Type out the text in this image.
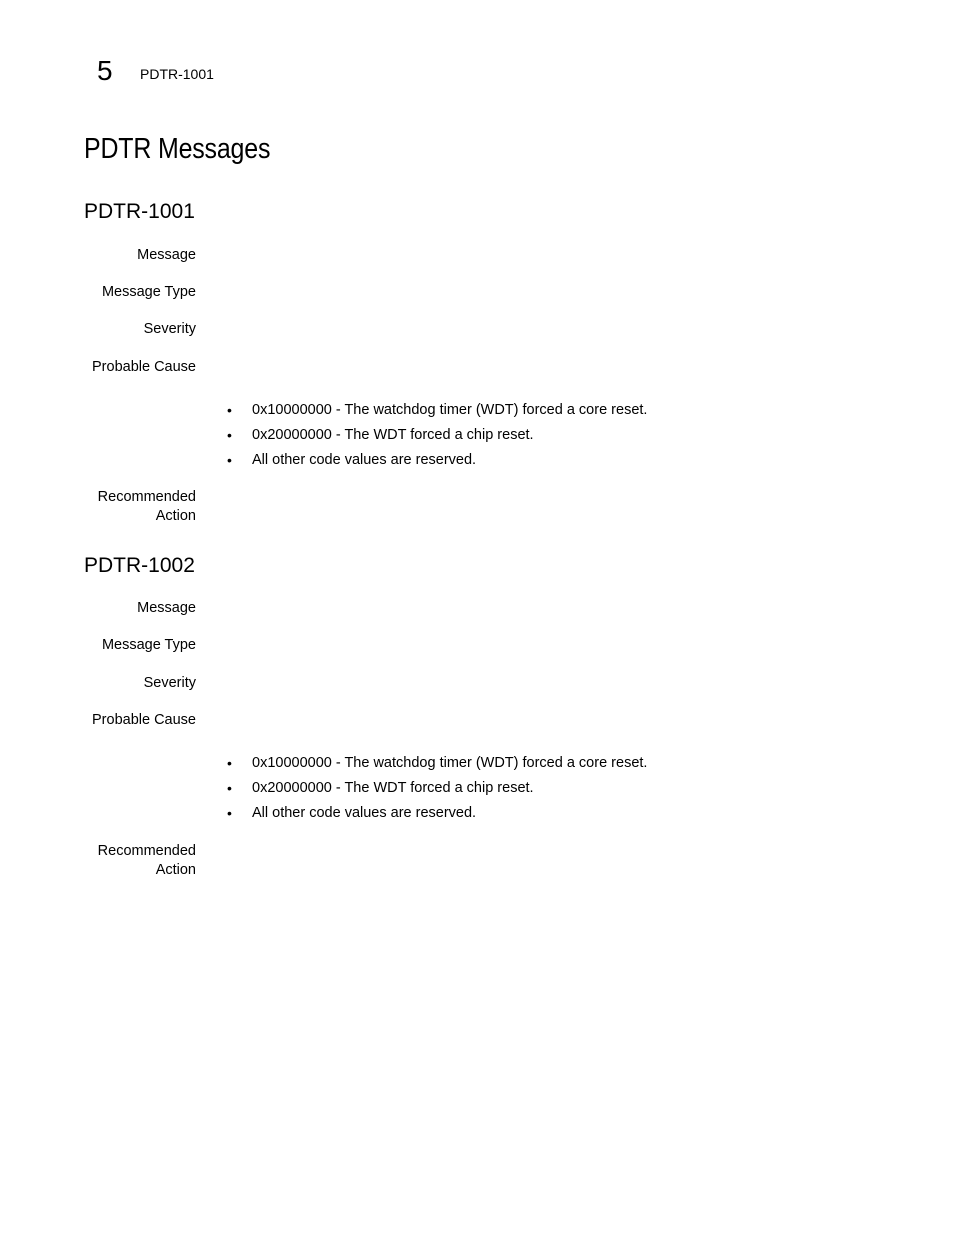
5 PDTR-1001
PDTR Messages
PDTR-1001
Message
Message Type
Severity
Probable Cause
• 0x10000000 - The watchdog timer (WDT) forced a core reset.
• 0x20000000 - The WDT forced a chip reset.
• All other code values are reserved.
Recommended
Action
PDTR-1002
Message
Message Type
Severity
Probable Cause
• 0x10000000 - The watchdog timer (WDT) forced a core reset.
• 0x20000000 - The WDT forced a chip reset.
• All other code values are reserved.
Recommended
Action
